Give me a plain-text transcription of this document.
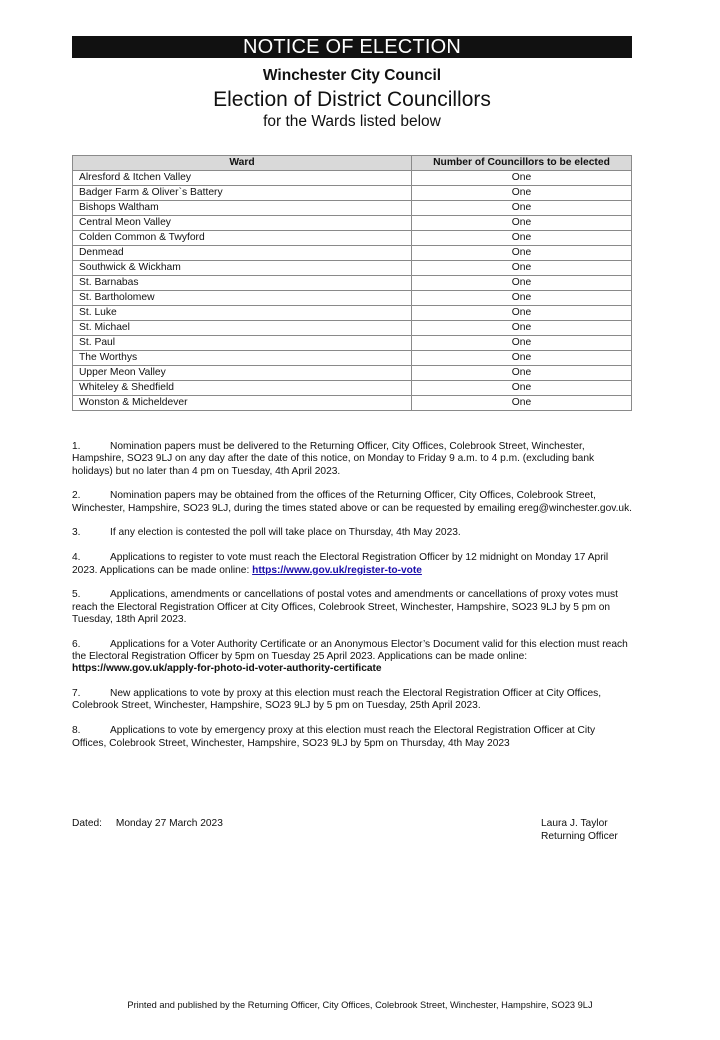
NOTICE OF ELECTION
Winchester City Council
Election of District Councillors
for the Wards listed below
Ward	Number of Councillors to be elected
Alresford & Itchen Valley	One
Badger Farm & Oliver`s Battery	One
Bishops Waltham	One
Central Meon Valley	One
Colden Common & Twyford	One
Denmead	One
Southwick & Wickham	One
St. Barnabas	One
St. Bartholomew	One
St. Luke	One
St. Michael	One
St. Paul	One
The Worthys	One
Upper Meon Valley	One
Whiteley & Shedfield	One
Wonston & Micheldever	One
1.	Nomination papers must be delivered to the Returning Officer, City Offices, Colebrook Street, Winchester, Hampshire, SO23 9LJ on any day after the date of this notice, on Monday to Friday 9 a.m. to 4 p.m. (excluding bank holidays) but no later than 4 pm on Tuesday, 4th April 2023.
2.	Nomination papers may be obtained from the offices of the Returning Officer, City Offices, Colebrook Street, Winchester, Hampshire, SO23 9LJ, during the times stated above or can be requested by emailing ereg@winchester.gov.uk.
3.	If any election is contested the poll will take place on Thursday, 4th May 2023.
4.	Applications to register to vote must reach the Electoral Registration Officer by 12 midnight on Monday 17 April 2023. Applications can be made online: https://www.gov.uk/register-to-vote
5.	Applications, amendments or cancellations of postal votes and amendments or cancellations of proxy votes must reach the Electoral Registration Officer at City Offices, Colebrook Street, Winchester, Hampshire, SO23 9LJ by 5 pm on Tuesday, 18th April 2023.
6.	Applications for a Voter Authority Certificate or an Anonymous Elector’s Document valid for this election must reach the Electoral Registration Officer by 5pm on Tuesday 25 April 2023. Applications can be made online: https://www.gov.uk/apply-for-photo-id-voter-authority-certificate
7.	New applications to vote by proxy at this election must reach the Electoral Registration Officer at City Offices, Colebrook Street, Winchester, Hampshire, SO23 9LJ by 5 pm on Tuesday, 25th April 2023.
8.	Applications to vote by emergency proxy at this election must reach the Electoral Registration Officer at City Offices, Colebrook Street, Winchester, Hampshire, SO23 9LJ by 5pm on Thursday, 4th May 2023
Dated: Monday 27 March 2023	Laura J. Taylor
Returning Officer
Printed and published by the Returning Officer, City Offices, Colebrook Street, Winchester, Hampshire, SO23 9LJ
